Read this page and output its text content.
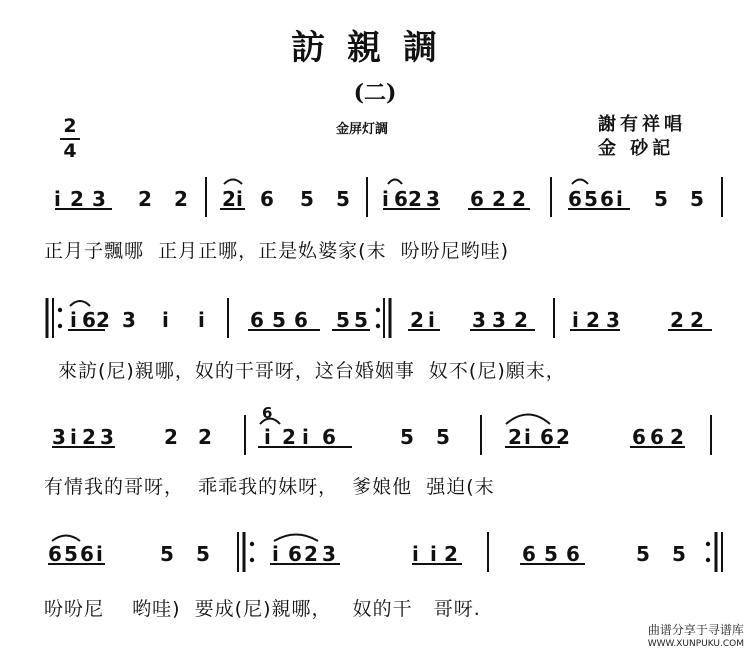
訪親調
(二)
金屏灯調	謝有祥唱
金 砂記
2
4
i 2 3 2 2 2 i 6 5 5 i 6 2 3 6 2 2 6 5 6 i 5 5
i 6 2 3 i i 6 5 6 5 5 2 i 3 3 2 i 2 3	2 2
3 i 2 3	2 2
6
i 2 i 6	5 5	2 i 6 2	6 6 2
6 5 6 i	5 5	i 6 2 3	i i 2	6 5 6	5 5
正月子飄哪  正月正哪，正是𡚸婆家(末  吩吩尼哟哇)
來訪(尼)親哪，奴的干哥呀，这台婚姻事  奴不(尼)願末，
有情我的哥呀，  乖乖我的妹呀，  爹娘他  强迫(末
吩吩尼    哟哇)  要成(尼)親哪，   奴的干   哥呀.
曲谱分享于寻谱库
WWW.XUNPUKU.COM
